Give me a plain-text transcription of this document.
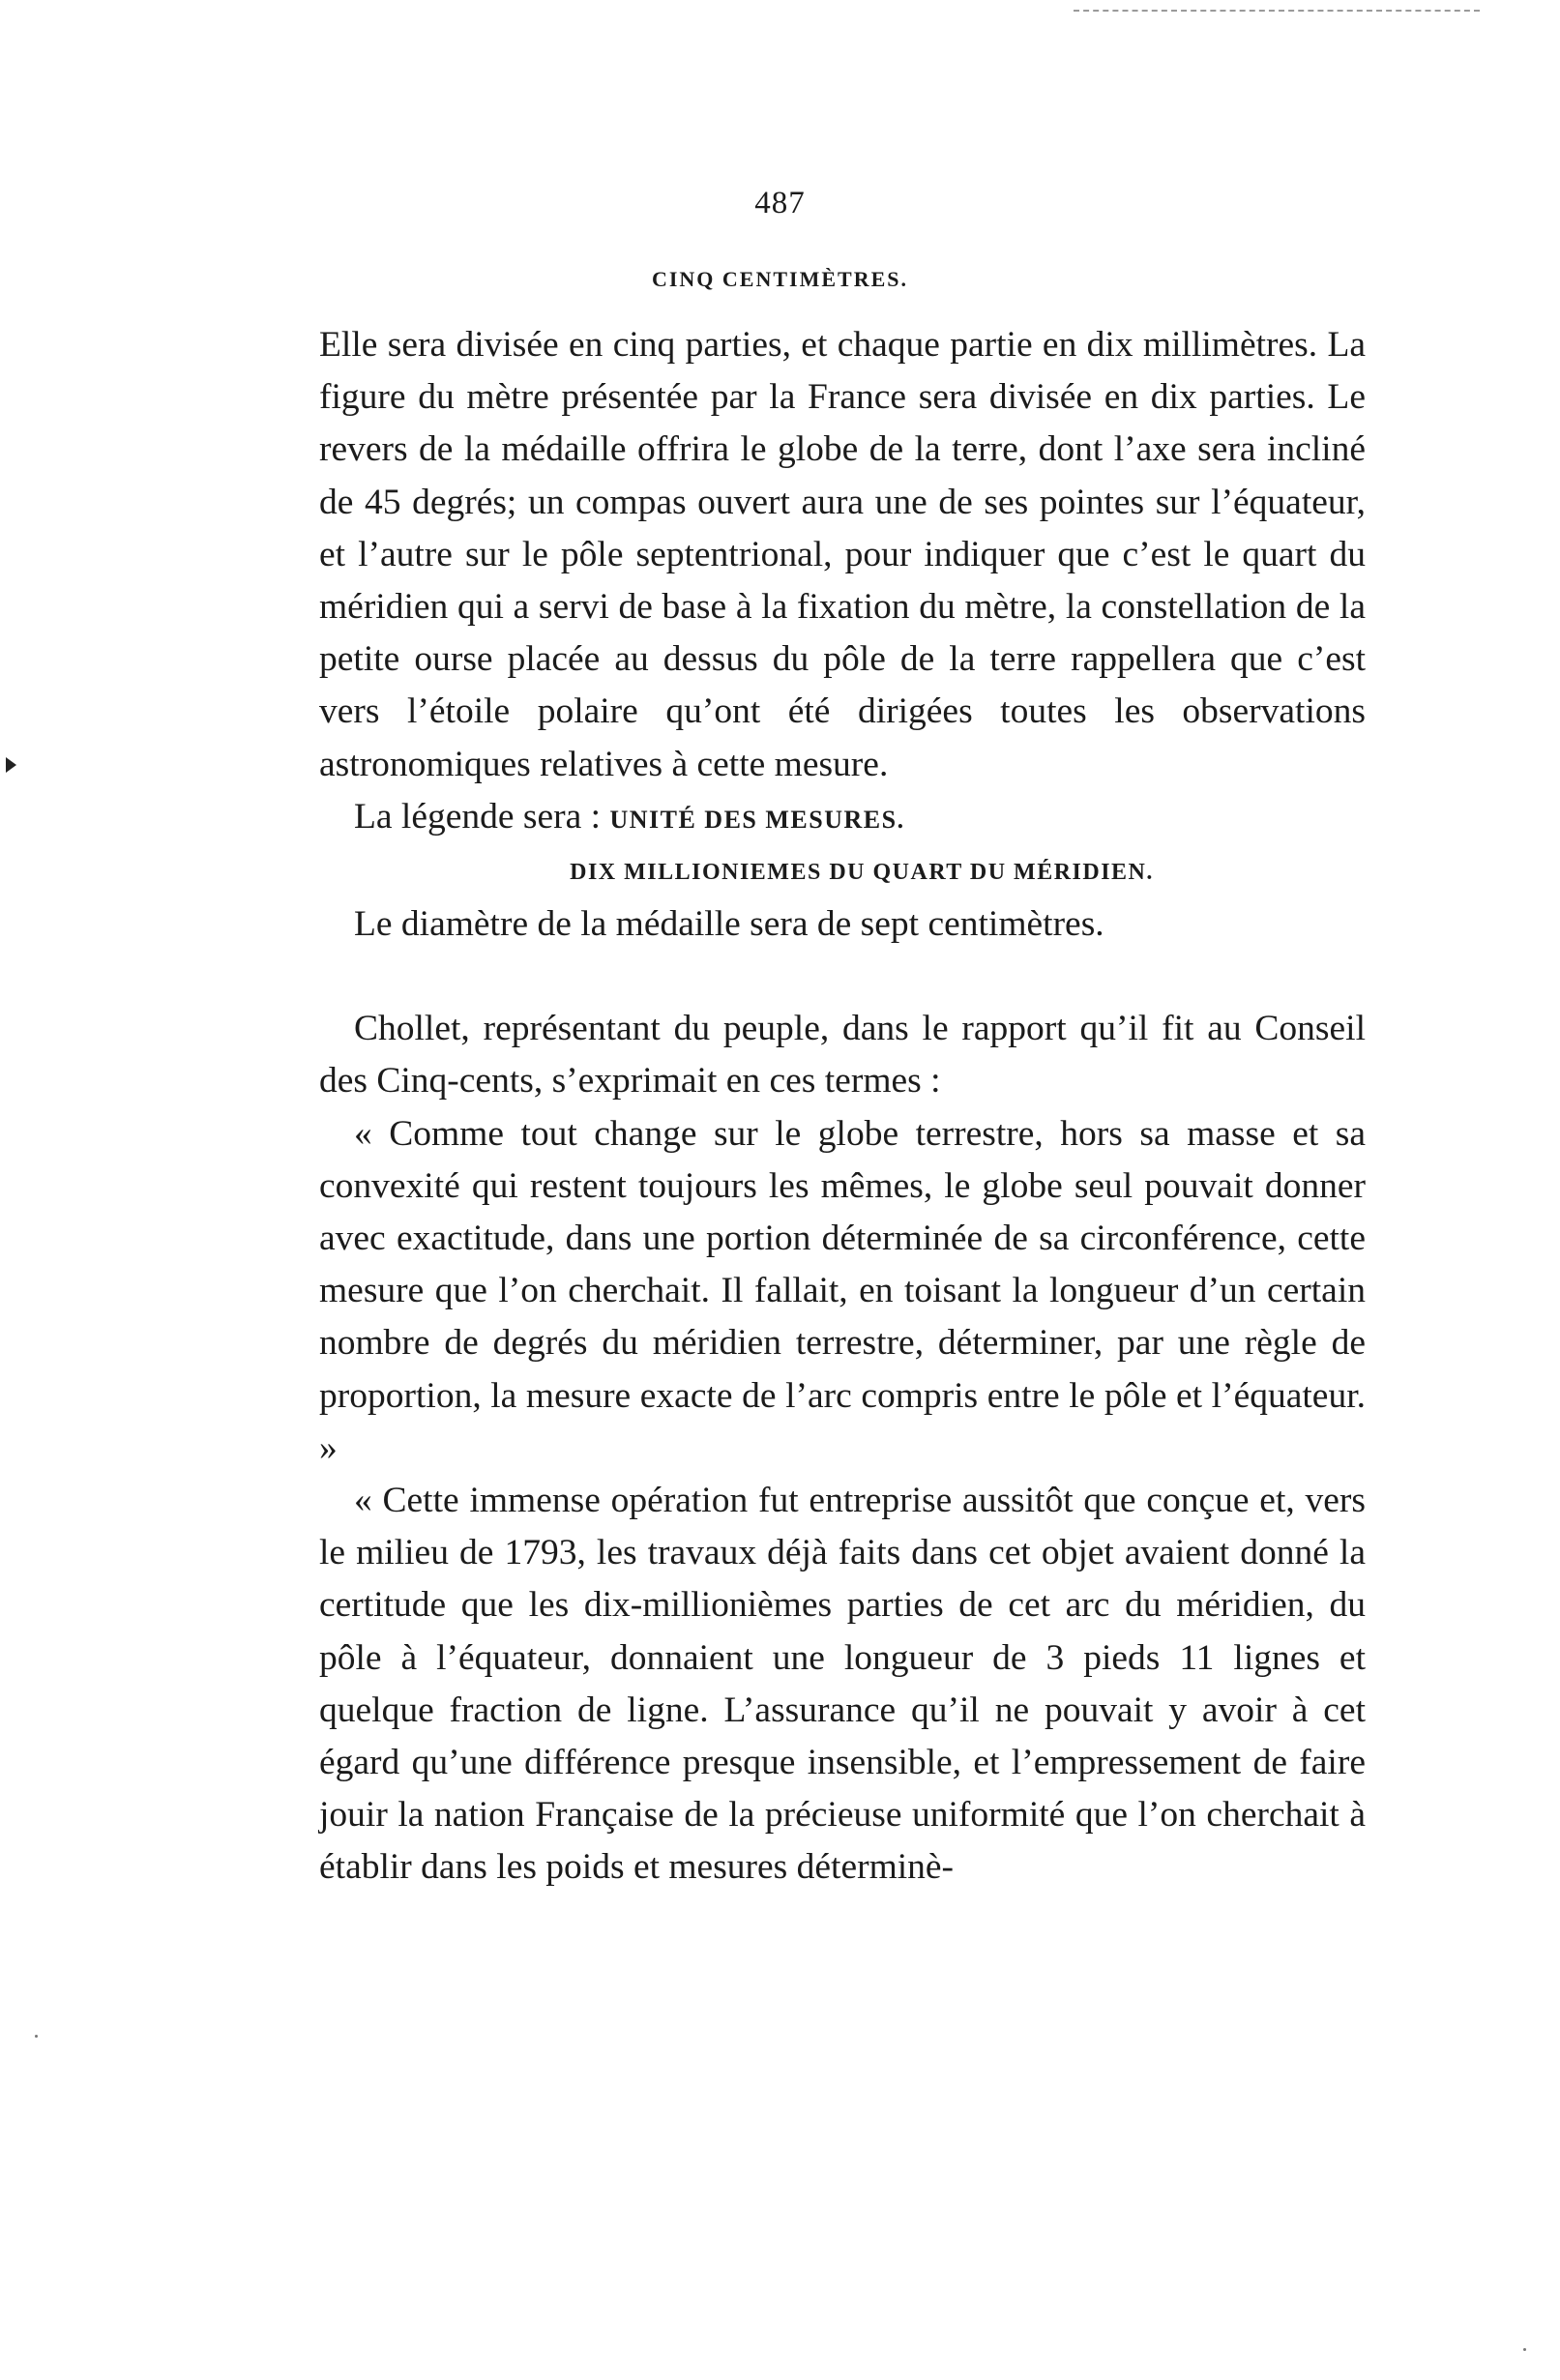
487
CINQ CENTIMÈTRES.

Elle sera divisée en cinq parties, et chaque partie en dix millimètres. La figure du mètre présentée par la France sera divisée en dix parties. Le revers de la médaille offrira le globe de la terre, dont l’axe sera incliné de 45 degrés; un compas ouvert aura une de ses pointes sur l’équateur, et l’autre sur le pôle septentrional, pour indiquer que c’est le quart du méridien qui a servi de base à la fixation du mètre, la constellation de la petite ourse placée au dessus du pôle de la terre rappellera que c’est vers l’étoile polaire qu’ont été dirigées toutes les observations astronomiques relatives à cette mesure.

La légende sera : UNITÉ DES MESURES.

DIX MILLIONIEMES DU QUART DU MÉRIDIEN.

Le diamètre de la médaille sera de sept centimètres.

Chollet, représentant du peuple, dans le rapport qu’il fit au Conseil des Cinq-cents, s’exprimait en ces termes :

« Comme tout change sur le globe terrestre, hors sa masse et sa convexité qui restent toujours les mêmes, le globe seul pouvait donner avec exactitude, dans une portion déterminée de sa circonférence, cette mesure que l’on cherchait. Il fallait, en toisant la longueur d’un certain nombre de degrés du méridien terrestre, déterminer, par une règle de proportion, la mesure exacte de l’arc compris entre le pôle et l’équateur. »

« Cette immense opération fut entreprise aussitôt que conçue et, vers le milieu de 1793, les travaux déjà faits dans cet objet avaient donné la certitude que les dix-millionièmes parties de cet arc du méridien, du pôle à l’équateur, donnaient une longueur de 3 pieds 11 lignes et quelque fraction de ligne. L’assurance qu’il ne pouvait y avoir à cet égard qu’une différence presque insensible, et l’empressement de faire jouir la nation Française de la précieuse uniformité que l’on cherchait à établir dans les poids et mesures déterminè-
